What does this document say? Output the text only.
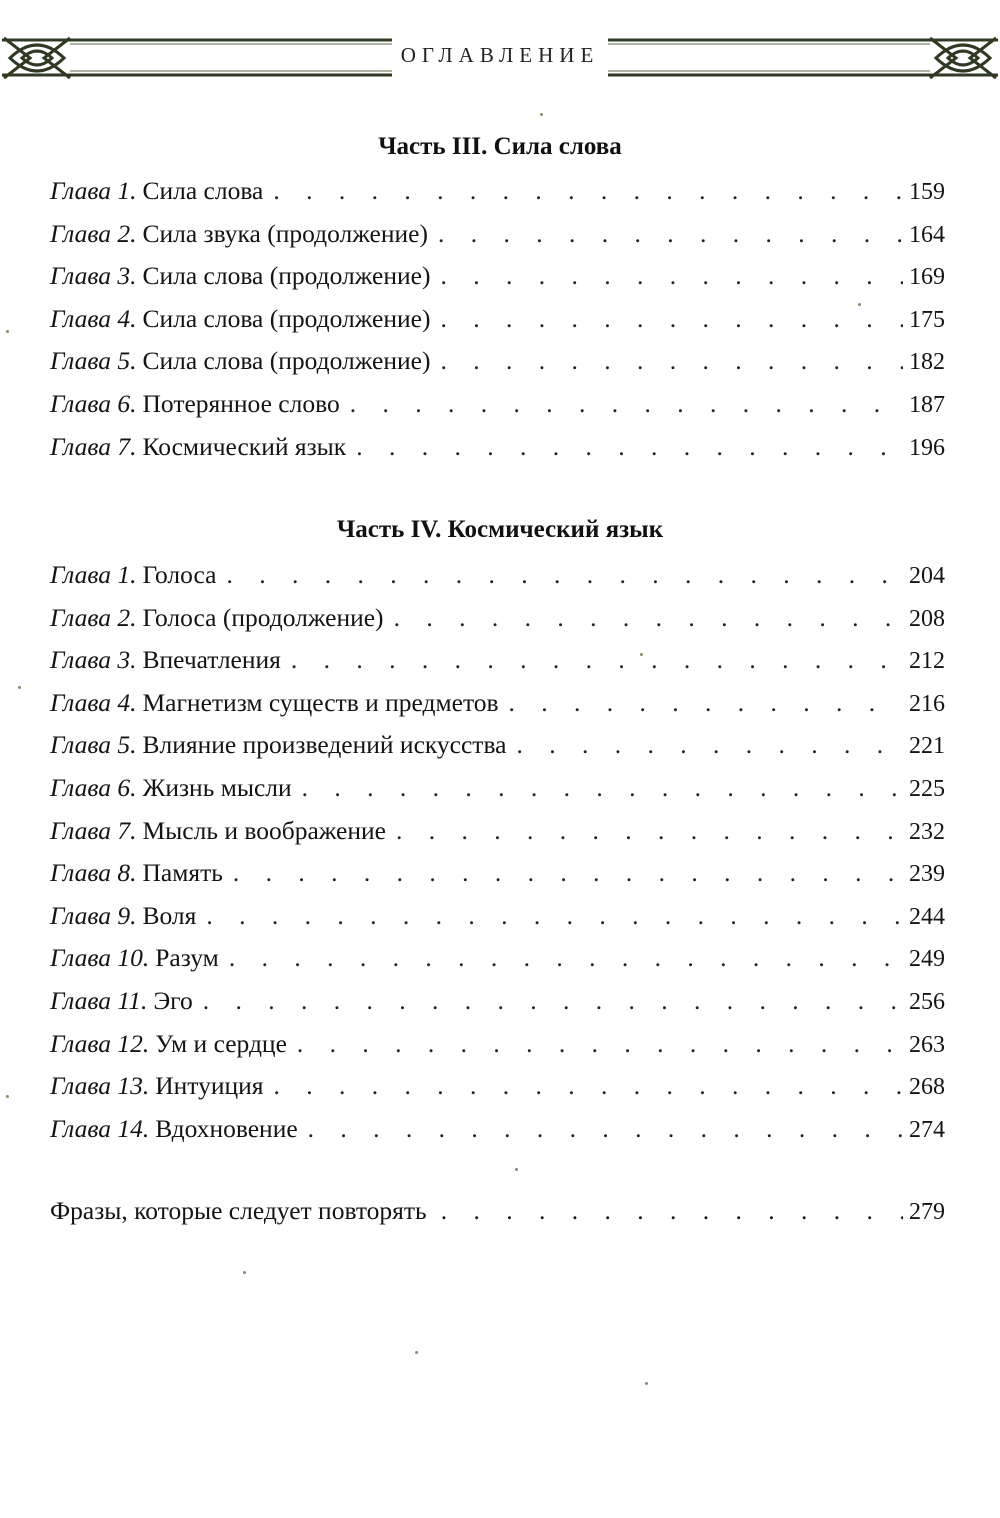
ОГЛАВЛЕНИЕ
Часть III. Сила слова
Глава 1. Сила слова . . .	159
Глава 2. Сила звука (продолжение) . . .	164
Глава 3. Сила слова (продолжение) . . .	169
Глава 4. Сила слова (продолжение) . . .	175
Глава 5. Сила слова (продолжение) . . .	182
Глава 6. Потерянное слово . . .	187
Глава 7. Космический язык . . .	196
Часть IV. Космический язык
Глава 1. Голоса . . .	204
Глава 2. Голоса (продолжение) . . .	208
Глава 3. Впечатления . . .	212
Глава 4. Магнетизм существ и предметов . . .	216
Глава 5. Влияние произведений искусства . . .	221
Глава 6. Жизнь мысли . . .	225
Глава 7. Мысль и воображение . . .	232
Глава 8. Память . . .	239
Глава 9. Воля . . .	244
Глава 10. Разум . . .	249
Глава 11. Эго . . .	256
Глава 12. Ум и сердце . . .	263
Глава 13. Интуиция . . .	268
Глава 14. Вдохновение . . .	274
Фразы, которые следует повторять . . .	279
